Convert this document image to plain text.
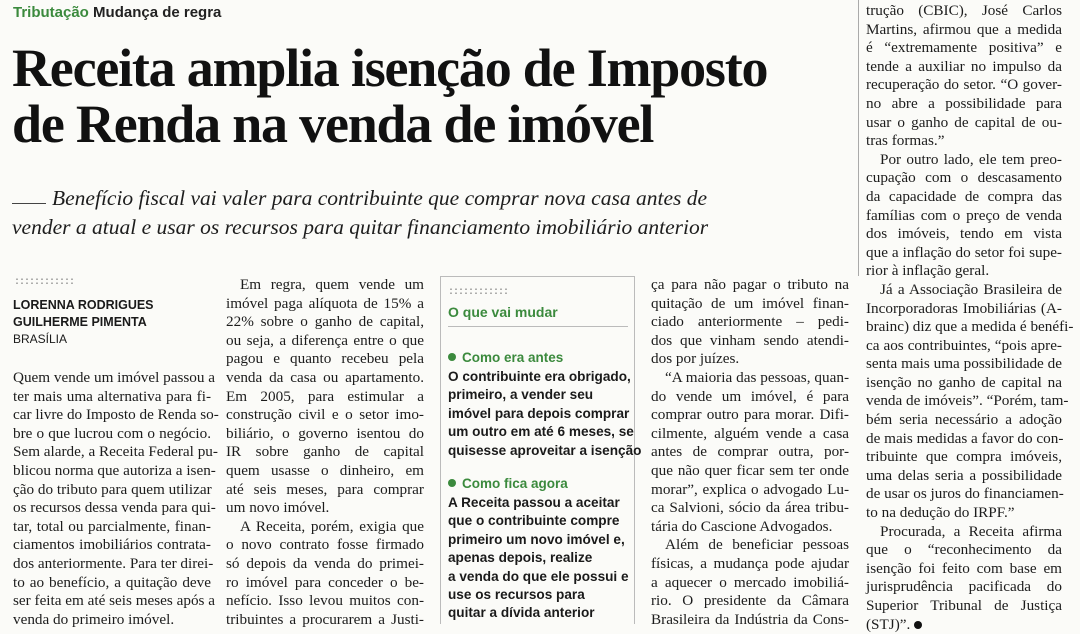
Tributação Mudança de regra
Receita amplia isenção de Imposto
de Renda na venda de imóvel

Benefício fiscal vai valer para contribuinte que comprar nova casa antes de
vender a atual e usar os recursos para quitar financiamento imobiliário anterior

::::::::::::
LORENNA RODRIGUES
GUILHERME PIMENTA
BRASÍLIA
Quem vende um imóvel passou a
ter mais uma alternativa para fi-
car livre do Imposto de Renda so-
bre o que lucrou com o negócio.
Sem alarde, a Receita Federal pu-
blicou norma que autoriza a isen-
ção do tributo para quem utilizar
os recursos dessa venda para qui-
tar, total ou parcialmente, finan-
ciamentos imobiliários contrata-
dos anteriormente. Para ter direi-
to ao benefício, a quitação deve
ser feita em até seis meses após a
venda do primeiro imóvel.
Em regra, quem vende um
imóvel paga alíquota de 15% a
22% sobre o ganho de capital,
ou seja, a diferença entre o que
pagou e quanto recebeu pela
venda da casa ou apartamento.
Em 2005, para estimular a
construção civil e o setor imo-
biliário, o governo isentou do
IR sobre ganho de capital
quem usasse o dinheiro, em
até seis meses, para comprar
um novo imóvel.
A Receita, porém, exigia que
o novo contrato fosse firmado
só depois da venda do primei-
ro imóvel para conceder o be-
nefício. Isso levou muitos con-
tribuintes a procurarem a Justi-
::::::::::::
O que vai mudar
Como era antes
O contribuinte era obrigado,
primeiro, a vender seu
imóvel para depois comprar
um outro em até 6 meses, se
quisesse aproveitar a isenção
Como fica agora
A Receita passou a aceitar
que o contribuinte compre
primeiro um novo imóvel e,
apenas depois, realize
a venda do que ele possui e
use os recursos para
quitar a dívida anterior
ça para não pagar o tributo na
quitação de um imóvel finan-
ciado anteriormente – pedi-
dos que vinham sendo atendi-
dos por juízes.
“A maioria das pessoas, quan-
do vende um imóvel, é para
comprar outro para morar. Difi-
cilmente, alguém vende a casa
antes de comprar outra, por-
que não quer ficar sem ter onde
morar”, explica o advogado Lu-
ca Salvioni, sócio da área tribu-
tária do Cascione Advogados.
Além de beneficiar pessoas
físicas, a mudança pode ajudar
a aquecer o mercado imobiliá-
rio. O presidente da Câmara
Brasileira da Indústria da Cons-
trução (CBIC), José Carlos
Martins, afirmou que a medida
é “extremamente positiva” e
tende a auxiliar no impulso da
recuperação do setor. “O gover-
no abre a possibilidade para
usar o ganho de capital de ou-
tras formas.”
Por outro lado, ele tem preo-
cupação com o descasamento
da capacidade de compra das
famílias com o preço de venda
dos imóveis, tendo em vista
que a inflação do setor foi supe-
rior à inflação geral.
Já a Associação Brasileira de
Incorporadoras Imobiliárias (A-
brainc) diz que a medida é benéfi-
ca aos contribuintes, “pois apre-
senta mais uma possibilidade de
isenção no ganho de capital na
venda de imóveis”. “Porém, tam-
bém seria necessário a adoção
de mais medidas a favor do con-
tribuinte que compra imóveis,
uma delas seria a possibilidade
de usar os juros do financiamen-
to na dedução do IRPF.”
Procurada, a Receita afirma
que o “reconhecimento da
isenção foi feito com base em
jurisprudência pacificada do
Superior Tribunal de Justiça
(STJ)”.
